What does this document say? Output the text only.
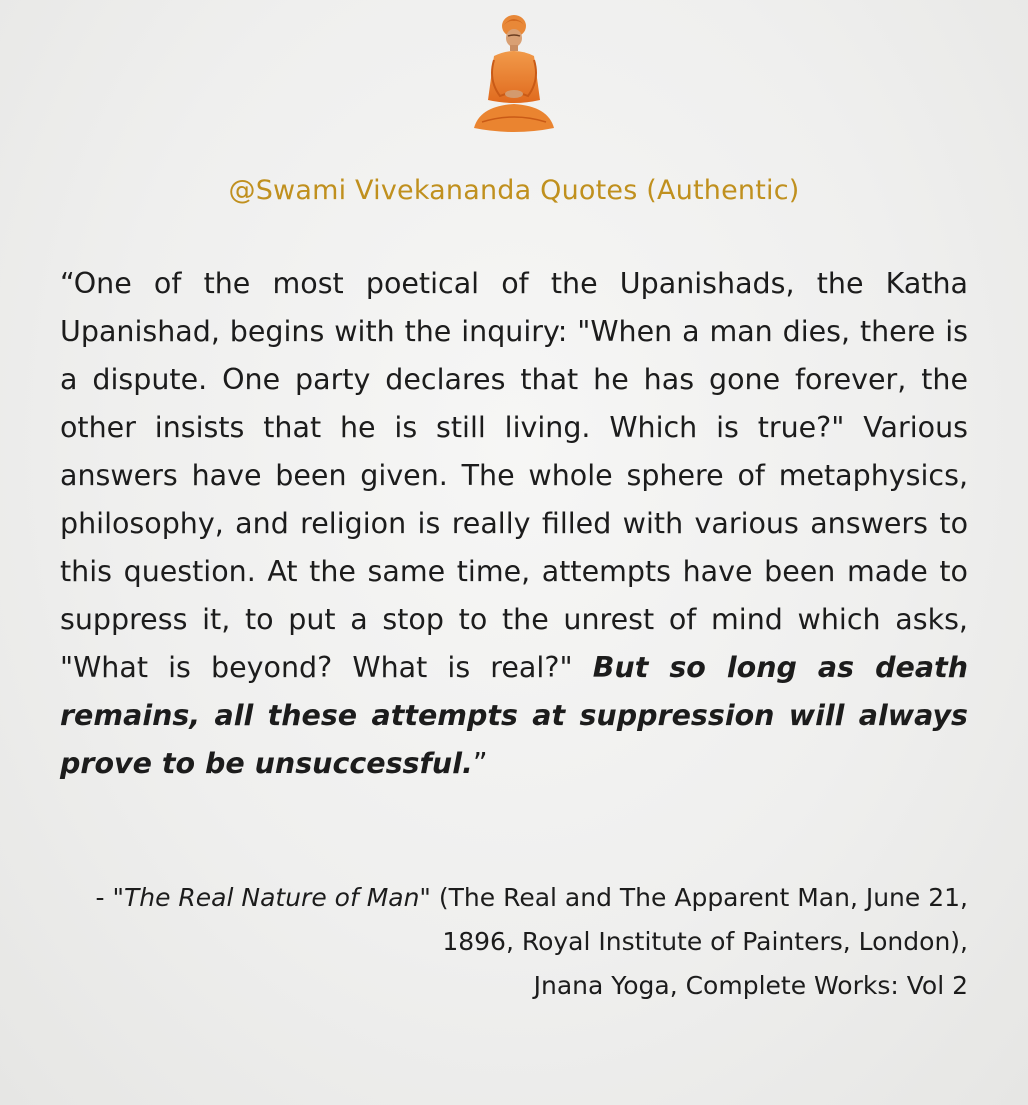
@Swami Vivekananda Quotes (Authentic)

“One of the most poetical of the Upanishads, the Katha Upanishad, begins with the inquiry: "When a man dies, there is a dispute. One party declares that he has gone forever, the other insists that he is still living. Which is true?" Various answers have been given. The whole sphere of metaphysics, philosophy, and religion is really filled with various answers to this question. At the same time, attempts have been made to suppress it, to put a stop to the unrest of mind which asks, "What is beyond? What is real?" But so long as death remains, all these attempts at suppression will always prove to be unsuccessful.”

- "The Real Nature of Man" (The Real and The Apparent Man, June 21, 1896, Royal Institute of Painters, London),
Jnana Yoga, Complete Works: Vol 2
